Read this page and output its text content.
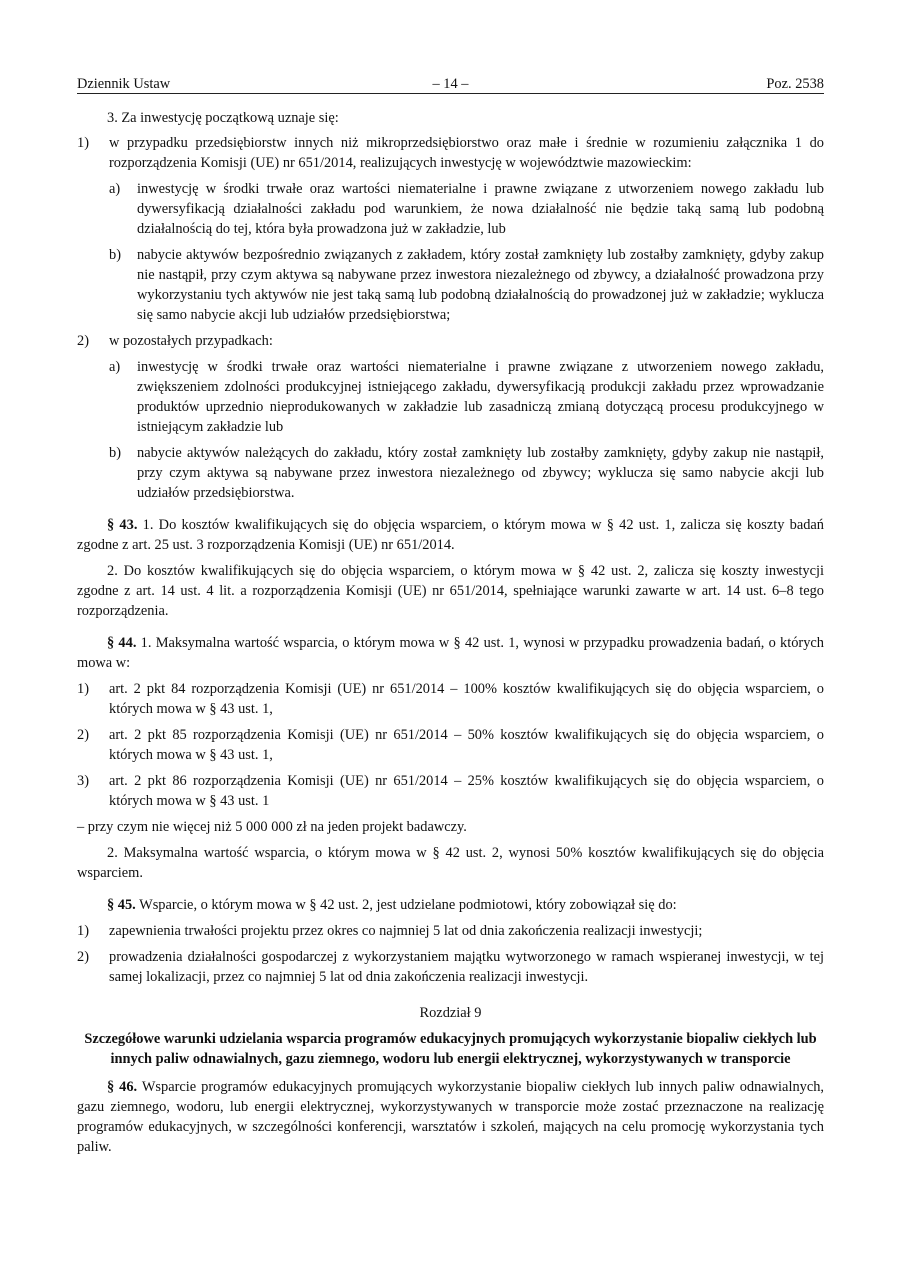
Dziennik Ustaw	– 14 –	Poz. 2538

3. Za inwestycję początkową uznaje się:

1) w przypadku przedsiębiorstw innych niż mikroprzedsiębiorstwo oraz małe i średnie w rozumieniu załącznika 1 do rozporządzenia Komisji (UE) nr 651/2014, realizujących inwestycję w województwie mazowieckim:
a) inwestycję w środki trwałe oraz wartości niematerialne i prawne związane z utworzeniem nowego zakładu lub dywersyfikacją działalności zakładu pod warunkiem, że nowa działalność nie będzie taką samą lub podobną działalnością do tej, która była prowadzona już w zakładzie, lub
b) nabycie aktywów bezpośrednio związanych z zakładem, który został zamknięty lub zostałby zamknięty, gdyby zakup nie nastąpił, przy czym aktywa są nabywane przez inwestora niezależnego od zbywcy, a działalność prowadzona przy wykorzystaniu tych aktywów nie jest taką samą lub podobną działalnością do prowadzonej już w zakładzie; wyklucza się samo nabycie akcji lub udziałów przedsiębiorstwa;
2) w pozostałych przypadkach:
a) inwestycję w środki trwałe oraz wartości niematerialne i prawne związane z utworzeniem nowego zakładu, zwiększeniem zdolności produkcyjnej istniejącego zakładu, dywersyfikacją produkcji zakładu przez wprowadzanie produktów uprzednio nieprodukowanych w zakładzie lub zasadniczą zmianą dotyczącą procesu produkcyjnego w istniejącym zakładzie lub
b) nabycie aktywów należących do zakładu, który został zamknięty lub zostałby zamknięty, gdyby zakup nie nastąpił, przy czym aktywa są nabywane przez inwestora niezależnego od zbywcy; wyklucza się samo nabycie akcji lub udziałów przedsiębiorstwa.

§ 43. 1. Do kosztów kwalifikujących się do objęcia wsparciem, o którym mowa w § 42 ust. 1, zalicza się koszty badań zgodne z art. 25 ust. 3 rozporządzenia Komisji (UE) nr 651/2014.

2. Do kosztów kwalifikujących się do objęcia wsparciem, o którym mowa w § 42 ust. 2, zalicza się koszty inwestycji zgodne z art. 14 ust. 4 lit. a rozporządzenia Komisji (UE) nr 651/2014, spełniające warunki zawarte w art. 14 ust. 6–8 tego rozporządzenia.

§ 44. 1. Maksymalna wartość wsparcia, o którym mowa w § 42 ust. 1, wynosi w przypadku prowadzenia badań, o których mowa w:

1) art. 2 pkt 84 rozporządzenia Komisji (UE) nr 651/2014 – 100% kosztów kwalifikujących się do objęcia wsparciem, o których mowa w § 43 ust. 1,
2) art. 2 pkt 85 rozporządzenia Komisji (UE) nr 651/2014 – 50% kosztów kwalifikujących się do objęcia wsparciem, o których mowa w § 43 ust. 1,
3) art. 2 pkt 86 rozporządzenia Komisji (UE) nr 651/2014 – 25% kosztów kwalifikujących się do objęcia wsparciem, o których mowa w § 43 ust. 1

– przy czym nie więcej niż 5 000 000 zł na jeden projekt badawczy.

2. Maksymalna wartość wsparcia, o którym mowa w § 42 ust. 2, wynosi 50% kosztów kwalifikujących się do objęcia wsparciem.

§ 45. Wsparcie, o którym mowa w § 42 ust. 2, jest udzielane podmiotowi, który zobowiązał się do:

1) zapewnienia trwałości projektu przez okres co najmniej 5 lat od dnia zakończenia realizacji inwestycji;
2) prowadzenia działalności gospodarczej z wykorzystaniem majątku wytworzonego w ramach wspieranej inwestycji, w tej samej lokalizacji, przez co najmniej 5 lat od dnia zakończenia realizacji inwestycji.

Rozdział 9

Szczegółowe warunki udzielania wsparcia programów edukacyjnych promujących wykorzystanie biopaliw ciekłych lub innych paliw odnawialnych, gazu ziemnego, wodoru lub energii elektrycznej, wykorzystywanych w transporcie

§ 46. Wsparcie programów edukacyjnych promujących wykorzystanie biopaliw ciekłych lub innych paliw odnawialnych, gazu ziemnego, wodoru, lub energii elektrycznej, wykorzystywanych w transporcie może zostać przeznaczone na realizację programów edukacyjnych, w szczególności konferencji, warsztatów i szkoleń, mających na celu promocję wykorzystania tych paliw.
